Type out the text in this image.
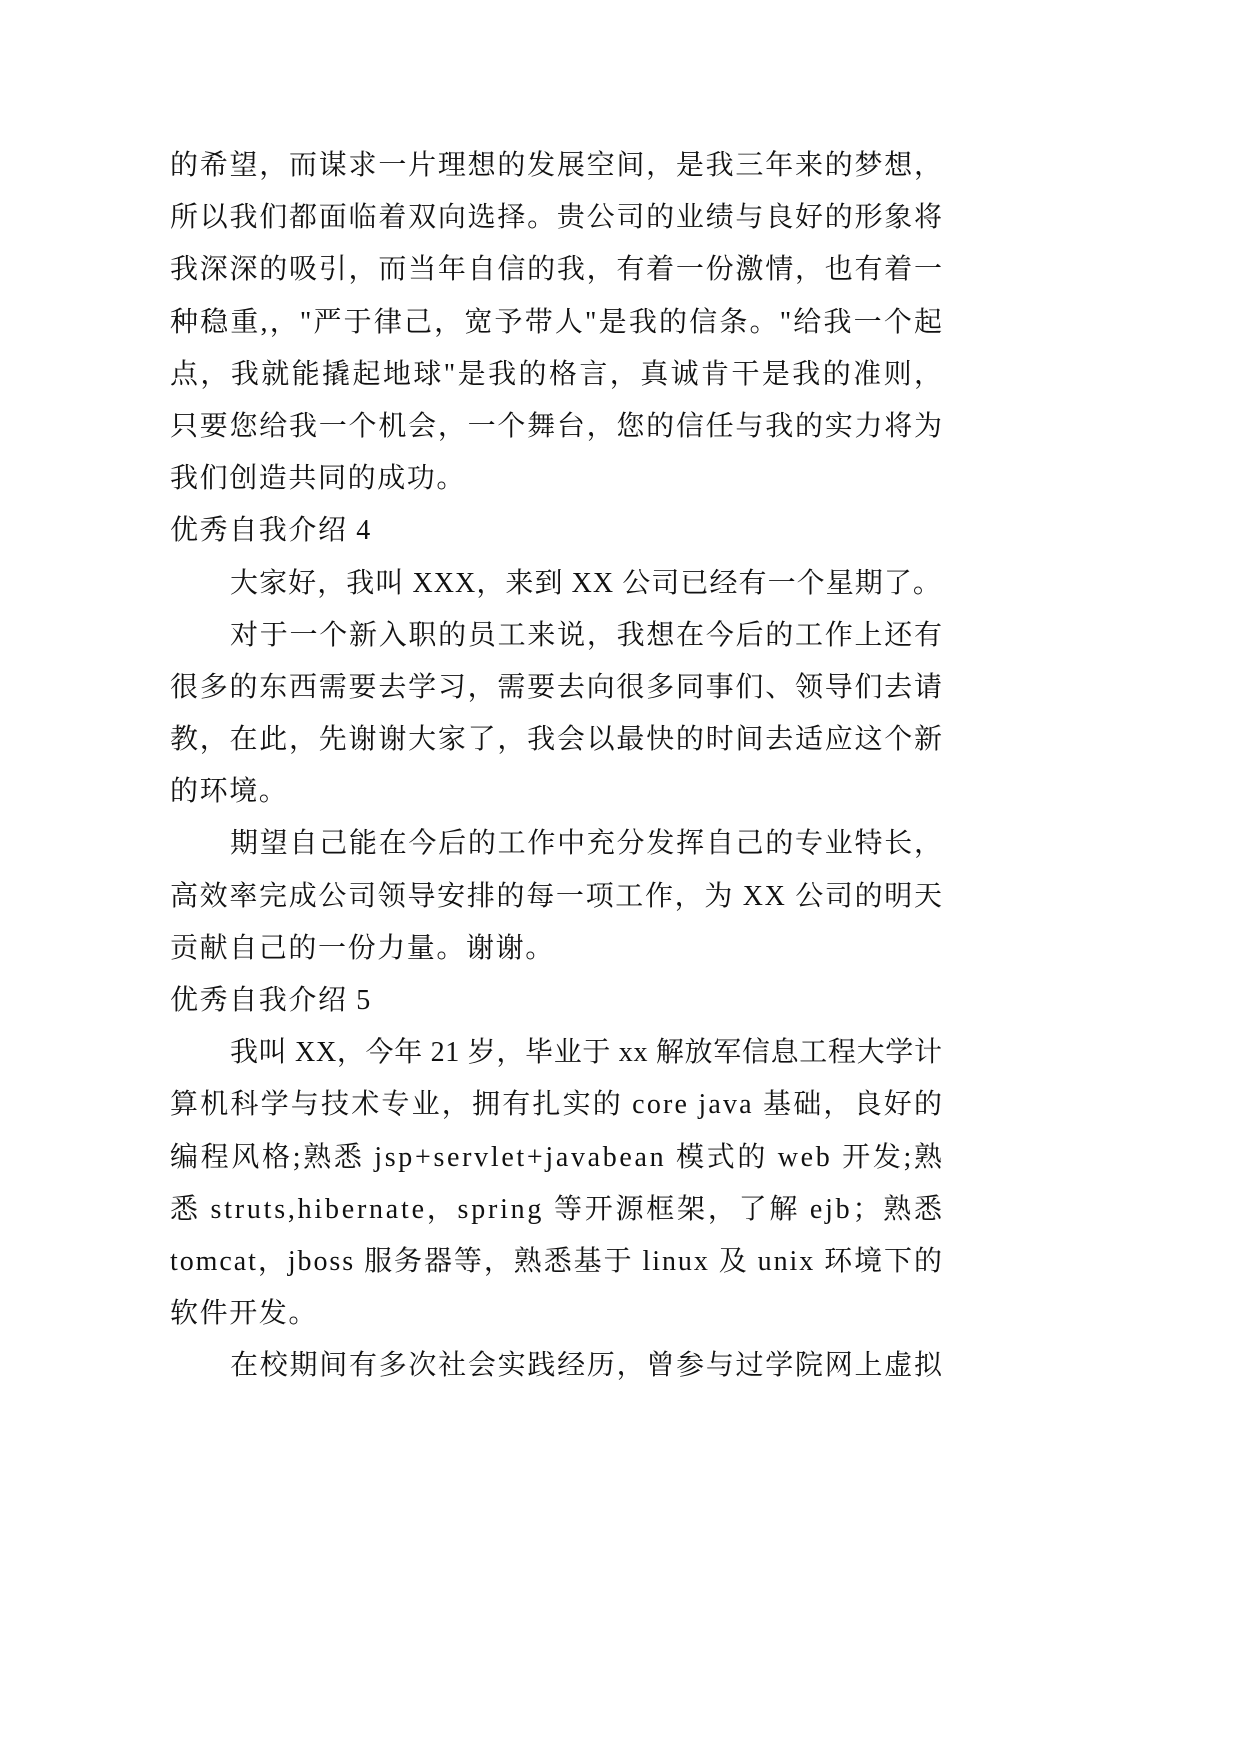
的希望，而谋求一片理想的发展空间，是我三年来的梦想，
所以我们都面临着双向选择。贵公司的业绩与良好的形象将
我深深的吸引，而当年自信的我，有着一份激情，也有着一
种稳重,，"严于律己，宽予带人"是我的信条。"给我一个起
点，我就能撬起地球"是我的格言，真诚肯干是我的准则，
只要您给我一个机会，一个舞台，您的信任与我的实力将为
我们创造共同的成功。
优秀自我介绍 4
大家好，我叫 XXX，来到 XX 公司已经有一个星期了。
对于一个新入职的员工来说，我想在今后的工作上还有
很多的东西需要去学习，需要去向很多同事们、领导们去请
教，在此，先谢谢大家了，我会以最快的时间去适应这个新
的环境。
期望自己能在今后的工作中充分发挥自己的专业特长，
高效率完成公司领导安排的每一项工作，为 XX 公司的明天
贡献自己的一份力量。谢谢。
优秀自我介绍 5
我叫 XX，今年 21 岁，毕业于 xx 解放军信息工程大学计
算机科学与技术专业，拥有扎实的 core java 基础，良好的
编程风格;熟悉 jsp+servlet+javabean 模式的 web 开发;熟
悉 struts,hibernate，spring 等开源框架，了解 ejb；熟悉
tomcat，jboss 服务器等，熟悉基于 linux 及 unix 环境下的
软件开发。
在校期间有多次社会实践经历，曾参与过学院网上虚拟
